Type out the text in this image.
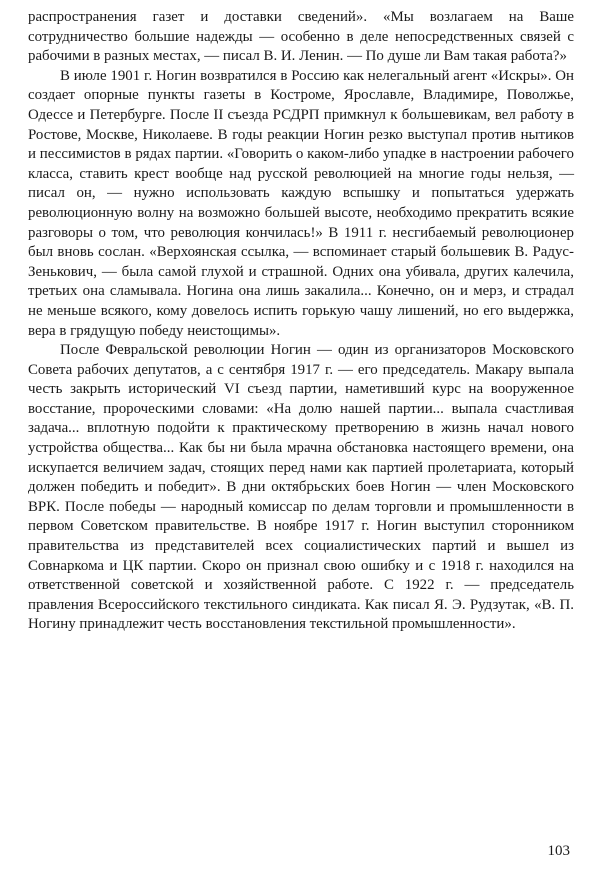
распространения газет и доставки сведений». «Мы возлагаем на Ваше сотрудничество большие надежды — особенно в деле непосредственных связей с рабочими в разных местах, — писал В. И. Ленин. — По душе ли Вам такая работа?»

В июле 1901 г. Ногин возвратился в Россию как нелегальный агент «Искры». Он создает опорные пункты газеты в Костроме, Ярославле, Владимире, Поволжье, Одессе и Петербурге. После II съезда РСДРП примкнул к большевикам, вел работу в Ростове, Москве, Николаеве. В годы реакции Ногин резко выступал против нытиков и пессимистов в рядах партии. «Говорить о каком-либо упадке в настроении рабочего класса, ставить крест вообще над русской революцией на многие годы нельзя, — писал он, — нужно использовать каждую вспышку и попытаться удержать революционную волну на возможно большей высоте, необходимо прекратить всякие разговоры о том, что революция кончилась!» В 1911 г. несгибаемый революционер был вновь сослан. «Верхоянская ссылка, — вспоминает старый большевик В. Радус-Зенькович, — была самой глухой и страшной. Одних она убивала, других калечила, третьих она сламывала. Ногина она лишь закалила... Конечно, он и мерз, и страдал не меньше всякого, кому довелось испить горькую чашу лишений, но его выдержка, вера в грядущую победу неистощимы».

После Февральской революции Ногин — один из организаторов Московского Совета рабочих депутатов, а с сентября 1917 г. — его председатель. Макару выпала честь закрыть исторический VI съезд партии, наметивший курс на вооруженное восстание, пророческими словами: «На долю нашей партии... выпала счастливая задача... вплотную подойти к практическому претворению в жизнь начал нового устройства общества... Как бы ни была мрачна обстановка настоящего времени, она искупается величием задач, стоящих перед нами как партией пролетариата, который должен победить и победит». В дни октябрьских боев Ногин — член Московского ВРК. После победы — народный комиссар по делам торговли и промышленности в первом Советском правительстве. В ноябре 1917 г. Ногин выступил сторонником правительства из представителей всех социалистических партий и вышел из Совнаркома и ЦК партии. Скоро он признал свою ошибку и с 1918 г. находился на ответственной советской и хозяйственной работе. С 1922 г. — председатель правления Всероссийского текстильного синдиката. Как писал Я. Э. Рудзутак, «В. П. Ногину принадлежит честь восстановления текстильной промышленности».

103
